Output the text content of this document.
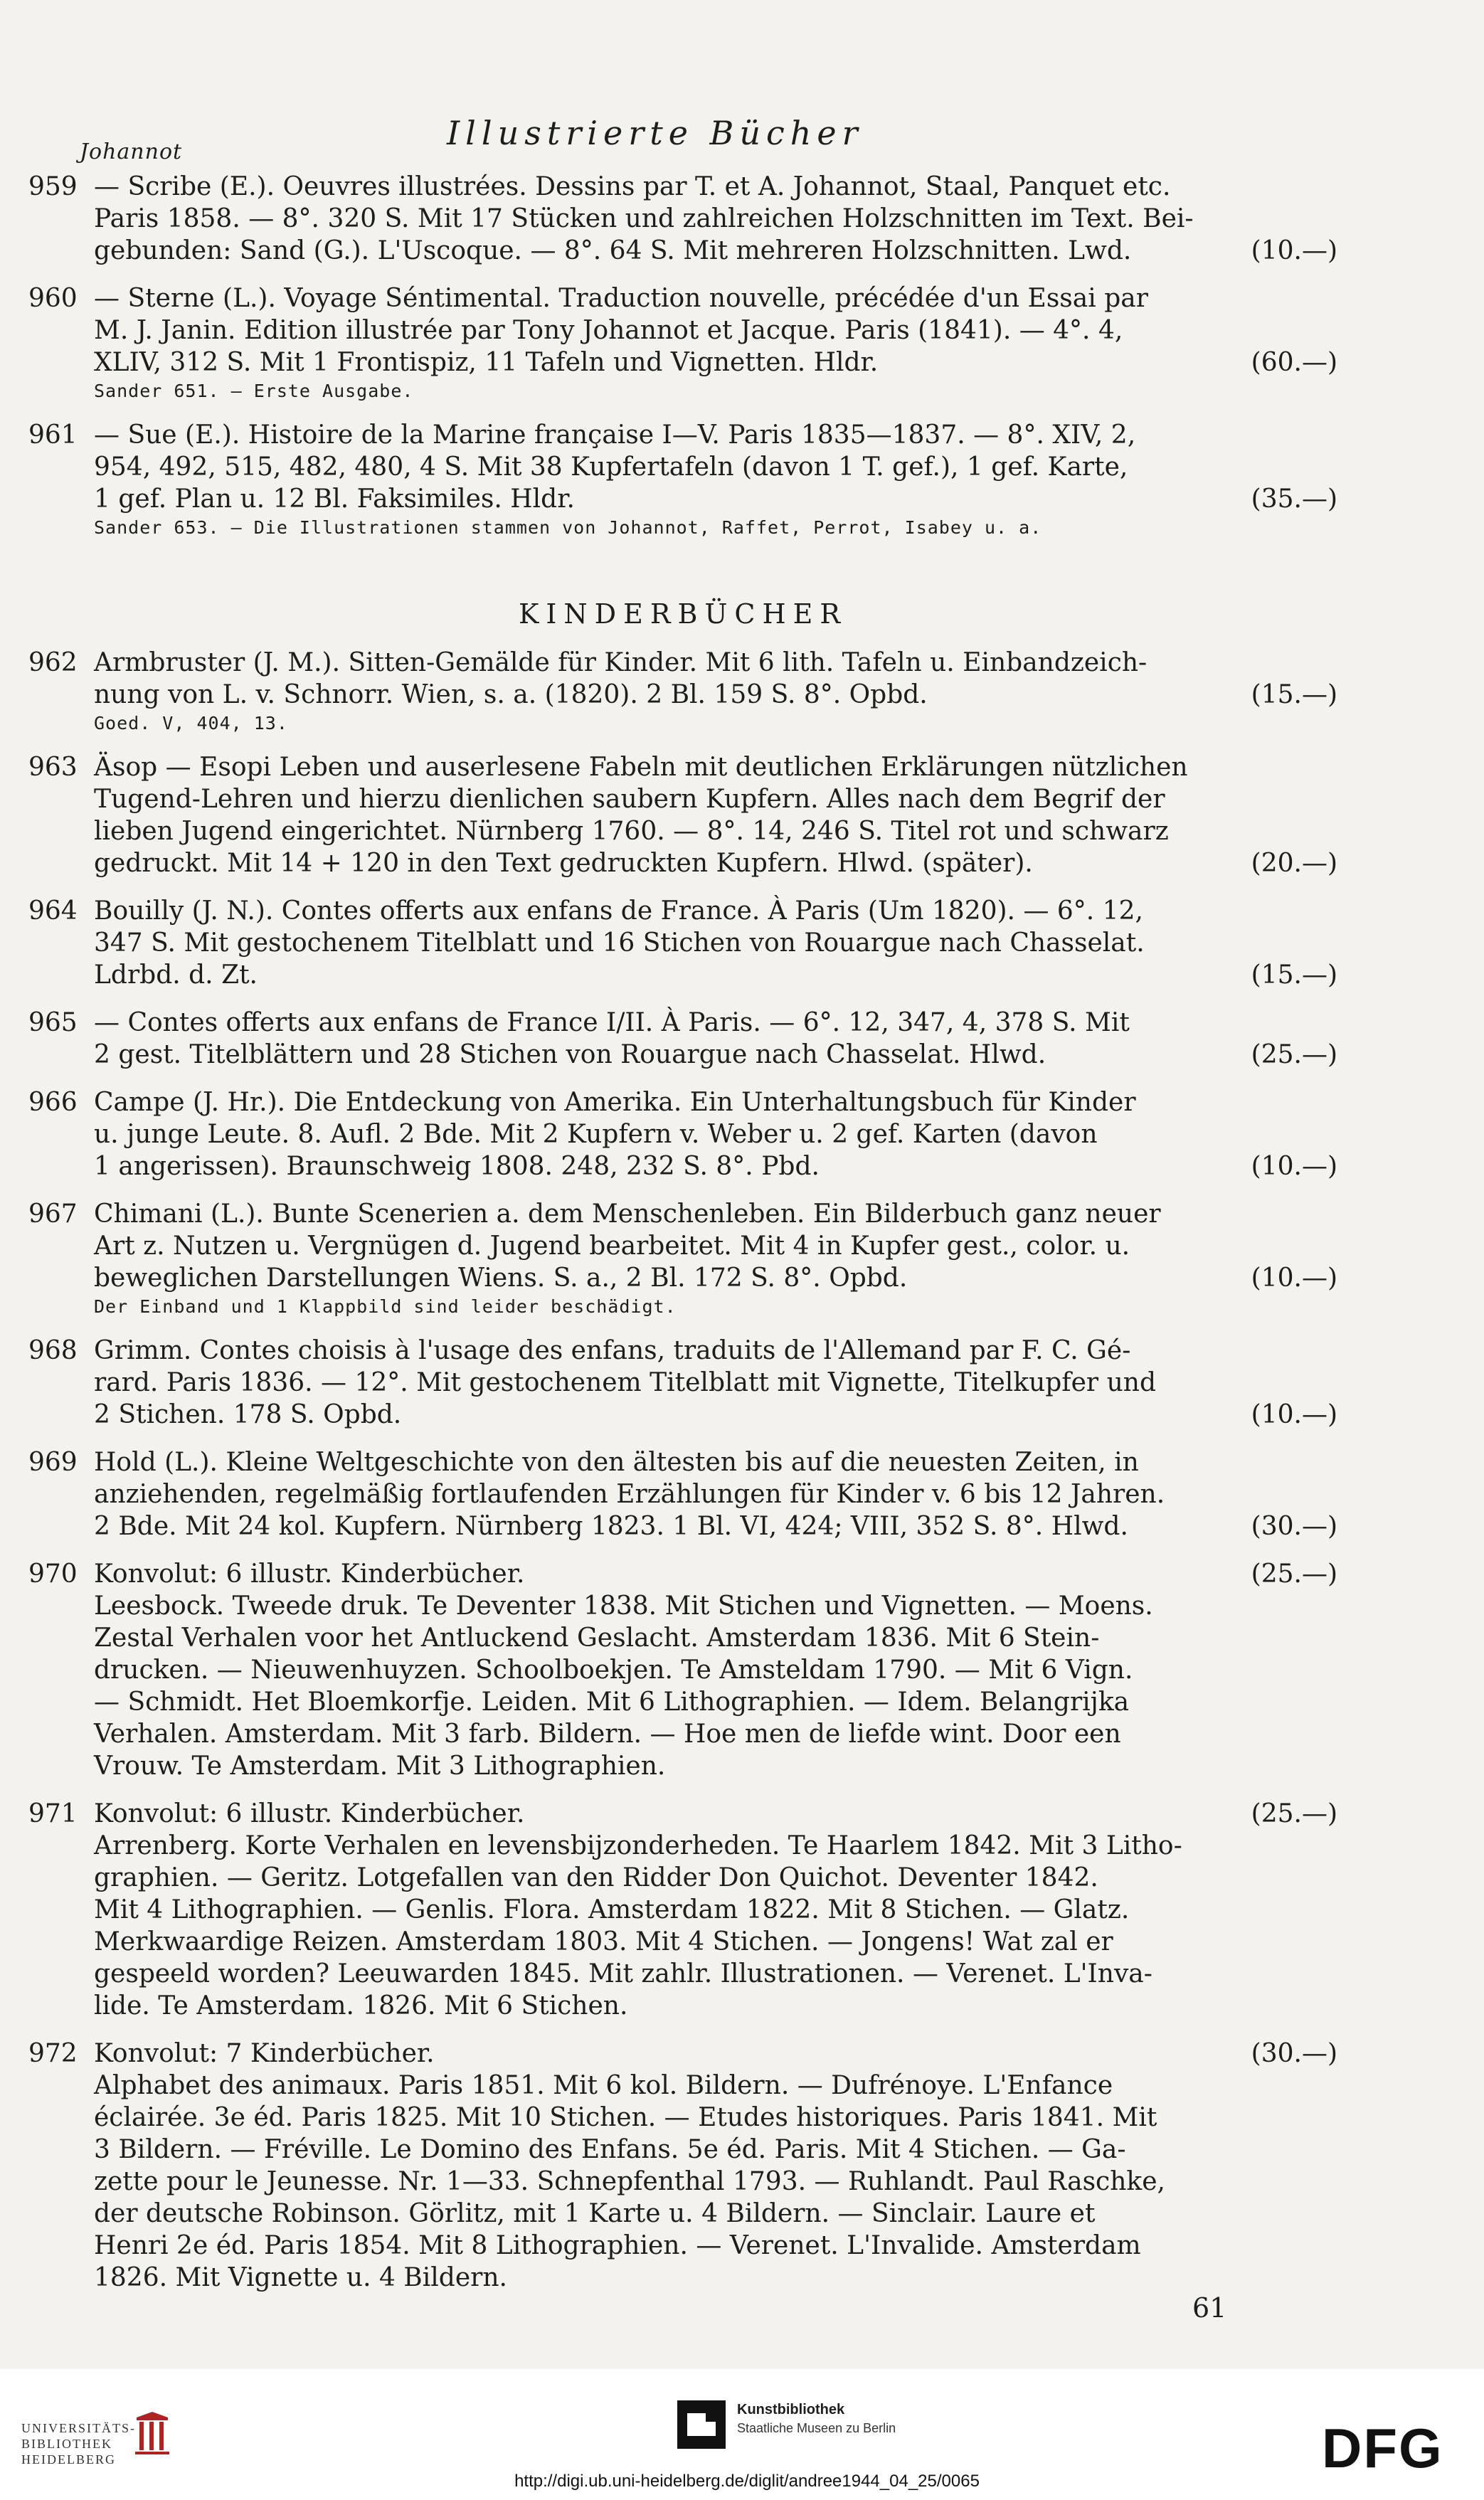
Johannot	Illustrierte Bücher
959 — Scribe (E.). Oeuvres illustrées. Dessins par T. et A. Johannot, Staal, Panquet etc.
Paris 1858. — 8°. 320 S. Mit 17 Stücken und zahlreichen Holzschnitten im Text. Bei-
gebunden: Sand (G.). L'Uscoque. — 8°. 64 S. Mit mehreren Holzschnitten. Lwd.	(10.—)
960 — Sterne (L.). Voyage Séntimental. Traduction nouvelle, précédée d'un Essai par
M. J. Janin. Edition illustrée par Tony Johannot et Jacque. Paris (1841). — 4°. 4,
XLIV, 312 S. Mit 1 Frontispiz, 11 Tafeln und Vignetten. Hldr.	(60.—)
Sander 651. — Erste Ausgabe.
961 — Sue (E.). Histoire de la Marine française I—V. Paris 1835—1837. — 8°. XIV, 2,
954, 492, 515, 482, 480, 4 S. Mit 38 Kupfertafeln (davon 1 T. gef.), 1 gef. Karte,
1 gef. Plan u. 12 Bl. Faksimiles. Hldr.	(35.—)
Sander 653. — Die Illustrationen stammen von Johannot, Raffet, Perrot, Isabey u. a.
KINDERBÜCHER
962 Armbruster (J. M.). Sitten-Gemälde für Kinder. Mit 6 lith. Tafeln u. Einbandzeich-
nung von L. v. Schnorr. Wien, s. a. (1820). 2 Bl. 159 S. 8°. Opbd.	(15.—)
Goed. V, 404, 13.
963 Äsop — Esopi Leben und auserlesene Fabeln mit deutlichen Erklärungen nützlichen
Tugend-Lehren und hierzu dienlichen saubern Kupfern. Alles nach dem Begrif der
lieben Jugend eingerichtet. Nürnberg 1760. — 8°. 14, 246 S. Titel rot und schwarz
gedruckt. Mit 14 + 120 in den Text gedruckten Kupfern. Hlwd. (später).	(20.—)
964 Bouilly (J. N.). Contes offerts aux enfans de France. À Paris (Um 1820). — 6°. 12,
347 S. Mit gestochenem Titelblatt und 16 Stichen von Rouargue nach Chasselat.
Ldrbd. d. Zt.	(15.—)
965 — Contes offerts aux enfans de France I/II. À Paris. — 6°. 12, 347, 4, 378 S. Mit
2 gest. Titelblättern und 28 Stichen von Rouargue nach Chasselat. Hlwd.	(25.—)
966 Campe (J. Hr.). Die Entdeckung von Amerika. Ein Unterhaltungsbuch für Kinder
u. junge Leute. 8. Aufl. 2 Bde. Mit 2 Kupfern v. Weber u. 2 gef. Karten (davon
1 angerissen). Braunschweig 1808. 248, 232 S. 8°. Pbd.	(10.—)
967 Chimani (L.). Bunte Scenerien a. dem Menschenleben. Ein Bilderbuch ganz neuer
Art z. Nutzen u. Vergnügen d. Jugend bearbeitet. Mit 4 in Kupfer gest., color. u.
beweglichen Darstellungen Wiens. S. a., 2 Bl. 172 S. 8°. Opbd.	(10.—)
Der Einband und 1 Klappbild sind leider beschädigt.
968 Grimm. Contes choisis à l'usage des enfans, traduits de l'Allemand par F. C. Gé-
rard. Paris 1836. — 12°. Mit gestochenem Titelblatt mit Vignette, Titelkupfer und
2 Stichen. 178 S. Opbd.	(10.—)
969 Hold (L.). Kleine Weltgeschichte von den ältesten bis auf die neuesten Zeiten, in
anziehenden, regelmäßig fortlaufenden Erzählungen für Kinder v. 6 bis 12 Jahren.
2 Bde. Mit 24 kol. Kupfern. Nürnberg 1823. 1 Bl. VI, 424; VIII, 352 S. 8°. Hlwd.	(30.—)
970 Konvolut: 6 illustr. Kinderbücher.	(25.—)
Leesbock. Tweede druk. Te Deventer 1838. Mit Stichen und Vignetten. — Moens.
Zestal Verhalen voor het Antluckend Geslacht. Amsterdam 1836. Mit 6 Stein-
drucken. — Nieuwenhuyzen. Schoolboekjen. Te Amsteldam 1790. — Mit 6 Vign.
— Schmidt. Het Bloemkorfje. Leiden. Mit 6 Lithographien. — Idem. Belangrijka
Verhalen. Amsterdam. Mit 3 farb. Bildern. — Hoe men de liefde wint. Door een
Vrouw. Te Amsterdam. Mit 3 Lithographien.
971 Konvolut: 6 illustr. Kinderbücher.	(25.—)
Arrenberg. Korte Verhalen en levensbijzonderheden. Te Haarlem 1842. Mit 3 Litho-
graphien. — Geritz. Lotgefallen van den Ridder Don Quichot. Deventer 1842.
Mit 4 Lithographien. — Genlis. Flora. Amsterdam 1822. Mit 8 Stichen. — Glatz.
Merkwaardige Reizen. Amsterdam 1803. Mit 4 Stichen. — Jongens! Wat zal er
gespeeld worden? Leeuwarden 1845. Mit zahlr. Illustrationen. — Verenet. L'Inva-
lide. Te Amsterdam. 1826. Mit 6 Stichen.
972 Konvolut: 7 Kinderbücher.	(30.—)
Alphabet des animaux. Paris 1851. Mit 6 kol. Bildern. — Dufrénoye. L'Enfance
éclairée. 3e éd. Paris 1825. Mit 10 Stichen. — Etudes historiques. Paris 1841. Mit
3 Bildern. — Fréville. Le Domino des Enfans. 5e éd. Paris. Mit 4 Stichen. — Ga-
zette pour le Jeunesse. Nr. 1—33. Schnepfenthal 1793. — Ruhlandt. Paul Raschke,
der deutsche Robinson. Görlitz, mit 1 Karte u. 4 Bildern. — Sinclair. Laure et
Henri 2e éd. Paris 1854. Mit 8 Lithographien. — Verenet. L'Invalide. Amsterdam
1826. Mit Vignette u. 4 Bildern.
61
UNIVERSITÄTS-
BIBLIOTHEK
HEIDELBERG
Kunstbibliothek
Staatliche Museen zu Berlin	DFG
http://digi.ub.uni-heidelberg.de/diglit/andree1944_04_25/0065
